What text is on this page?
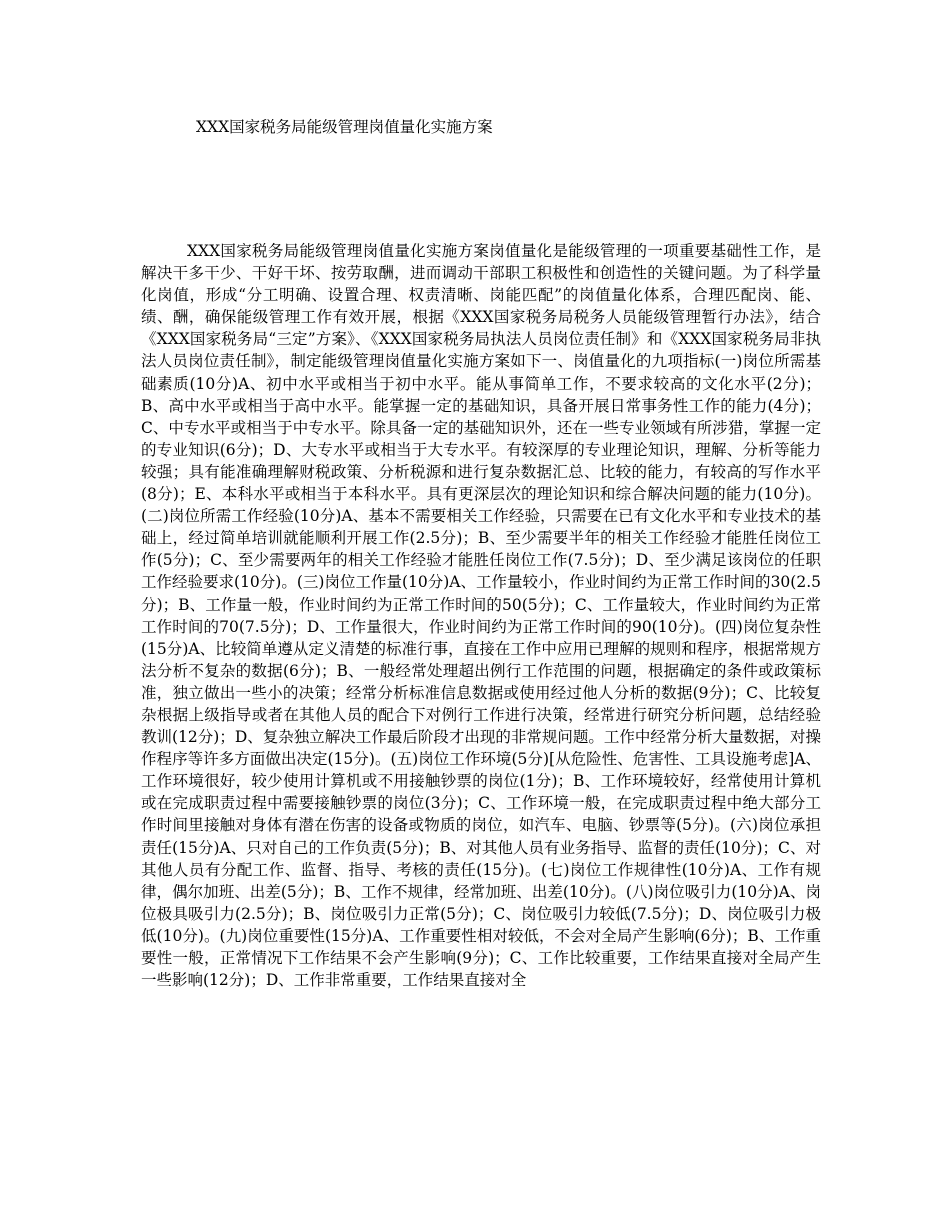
XXX国家税务局能级管理岗值量化实施方案

XXX国家税务局能级管理岗值量化实施方案岗值量化是能级管理的一项重要基础性工作，是解决干多干少、干好干坏、按劳取酬，进而调动干部职工积极性和创造性的关键问题。为了科学量化岗值，形成“分工明确、设置合理、权责清晰、岗能匹配”的岗值量化体系，合理匹配岗、能、绩、酬，确保能级管理工作有效开展，根据《XXX国家税务局税务人员能级管理暂行办法》，结合《XXX国家税务局“三定”方案》、《XXX国家税务局执法人员岗位责任制》和《XXX国家税务局非执法人员岗位责任制》，制定能级管理岗值量化实施方案如下一、岗值量化的九项指标(一)岗位所需基础素质(10分)A、初中水平或相当于初中水平。能从事简单工作，不要求较高的文化水平(2分)；B、高中水平或相当于高中水平。能掌握一定的基础知识，具备开展日常事务性工作的能力(4分)；C、中专水平或相当于中专水平。除具备一定的基础知识外，还在一些专业领域有所涉猎，掌握一定的专业知识(6分)；D、大专水平或相当于大专水平。有较深厚的专业理论知识，理解、分析等能力较强；具有能准确理解财税政策、分析税源和进行复杂数据汇总、比较的能力，有较高的写作水平(8分)；E、本科水平或相当于本科水平。具有更深层次的理论知识和综合解决问题的能力(10分)。(二)岗位所需工作经验(10分)A、基本不需要相关工作经验，只需要在已有文化水平和专业技术的基础上，经过简单培训就能顺利开展工作(2.5分)；B、至少需要半年的相关工作经验才能胜任岗位工作(5分)；C、至少需要两年的相关工作经验才能胜任岗位工作(7.5分)；D、至少满足该岗位的任职工作经验要求(10分)。(三)岗位工作量(10分)A、工作量较小，作业时间约为正常工作时间的30(2.5分)；B、工作量一般，作业时间约为正常工作时间的50(5分)；C、工作量较大，作业时间约为正常工作时间的70(7.5分)；D、工作量很大，作业时间约为正常工作时间的90(10分)。(四)岗位复杂性(15分)A、比较简单遵从定义清楚的标准行事，直接在工作中应用已理解的规则和程序，根据常规方法分析不复杂的数据(6分)；B、一般经常处理超出例行工作范围的问题，根据确定的条件或政策标准，独立做出一些小的决策；经常分析标准信息数据或使用经过他人分析的数据(9分)；C、比较复杂根据上级指导或者在其他人员的配合下对例行工作进行决策，经常进行研究分析问题，总结经验教训(12分)；D、复杂独立解决工作最后阶段才出现的非常规问题。工作中经常分析大量数据，对操作程序等许多方面做出决定(15分)。(五)岗位工作环境(5分)[从危险性、危害性、工具设施考虑]A、工作环境很好，较少使用计算机或不用接触钞票的岗位(1分)；B、工作环境较好，经常使用计算机或在完成职责过程中需要接触钞票的岗位(3分)；C、工作环境一般，在完成职责过程中绝大部分工作时间里接触对身体有潜在伤害的设备或物质的岗位，如汽车、电脑、钞票等(5分)。(六)岗位承担责任(15分)A、只对自己的工作负责(5分)；B、对其他人员有业务指导、监督的责任(10分)；C、对其他人员有分配工作、监督、指导、考核的责任(15分)。(七)岗位工作规律性(10分)A、工作有规律，偶尔加班、出差(5分)；B、工作不规律，经常加班、出差(10分)。(八)岗位吸引力(10分)A、岗位极具吸引力(2.5分)；B、岗位吸引力正常(5分)；C、岗位吸引力较低(7.5分)；D、岗位吸引力极低(10分)。(九)岗位重要性(15分)A、工作重要性相对较低，不会对全局产生影响(6分)；B、工作重要性一般，正常情况下工作结果不会产生影响(9分)；C、工作比较重要，工作结果直接对全局产生一些影响(12分)；D、工作非常重要，工作结果直接对全
